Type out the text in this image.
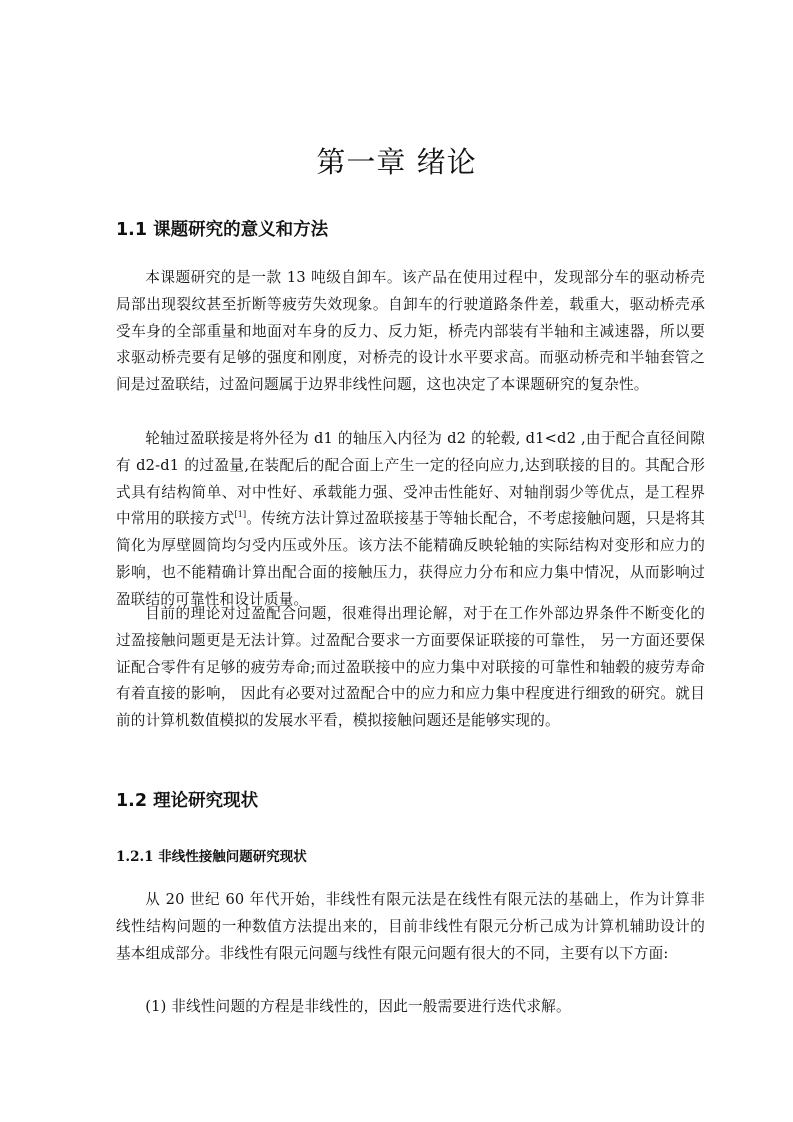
第一章 绪论
1.1 课题研究的意义和方法

本课题研究的是一款 13 吨级自卸车。该产品在使用过程中，发现部分车的驱动桥壳局部出现裂纹甚至折断等疲劳失效现象。自卸车的行驶道路条件差，载重大，驱动桥壳承受车身的全部重量和地面对车身的反力、反力矩，桥壳内部装有半轴和主减速器，所以要求驱动桥壳要有足够的强度和刚度，对桥壳的设计水平要求高。而驱动桥壳和半轴套管之间是过盈联结，过盈问题属于边界非线性问题，这也决定了本课题研究的复杂性。

轮轴过盈联接是将外径为 d1 的轴压入内径为 d2 的轮毂, d1<d2 ,由于配合直径间隙有 d2-d1 的过盈量,在装配后的配合面上产生一定的径向应力,达到联接的目的。其配合形式具有结构简单、对中性好、承载能力强、受冲击性能好、对轴削弱少等优点，是工程界中常用的联接方式[1]。传统方法计算过盈联接基于等轴长配合，不考虑接触问题，只是将其简化为厚壁圆筒均匀受内压或外压。该方法不能精确反映轮轴的实际结构对变形和应力的影响，也不能精确计算出配合面的接触压力，获得应力分布和应力集中情况，从而影响过盈联结的可靠性和设计质量。

目前的理论对过盈配合问题，很难得出理论解，对于在工作外部边界条件不断变化的过盈接触问题更是无法计算。过盈配合要求一方面要保证联接的可靠性， 另一方面还要保证配合零件有足够的疲劳寿命;而过盈联接中的应力集中对联接的可靠性和轴毂的疲劳寿命有着直接的影响， 因此有必要对过盈配合中的应力和应力集中程度进行细致的研究。就目前的计算机数值模拟的发展水平看，模拟接触问题还是能够实现的。

1.2 理论研究现状
1.2.1 非线性接触问题研究现状

从 20 世纪 60 年代开始，非线性有限元法是在线性有限元法的基础上，作为计算非线性结构问题的一种数值方法提出来的，目前非线性有限元分析己成为计算机辅助设计的基本组成部分。非线性有限元问题与线性有限元问题有很大的不同，主要有以下方面:

(1) 非线性问题的方程是非线性的，因此一般需要进行迭代求解。
